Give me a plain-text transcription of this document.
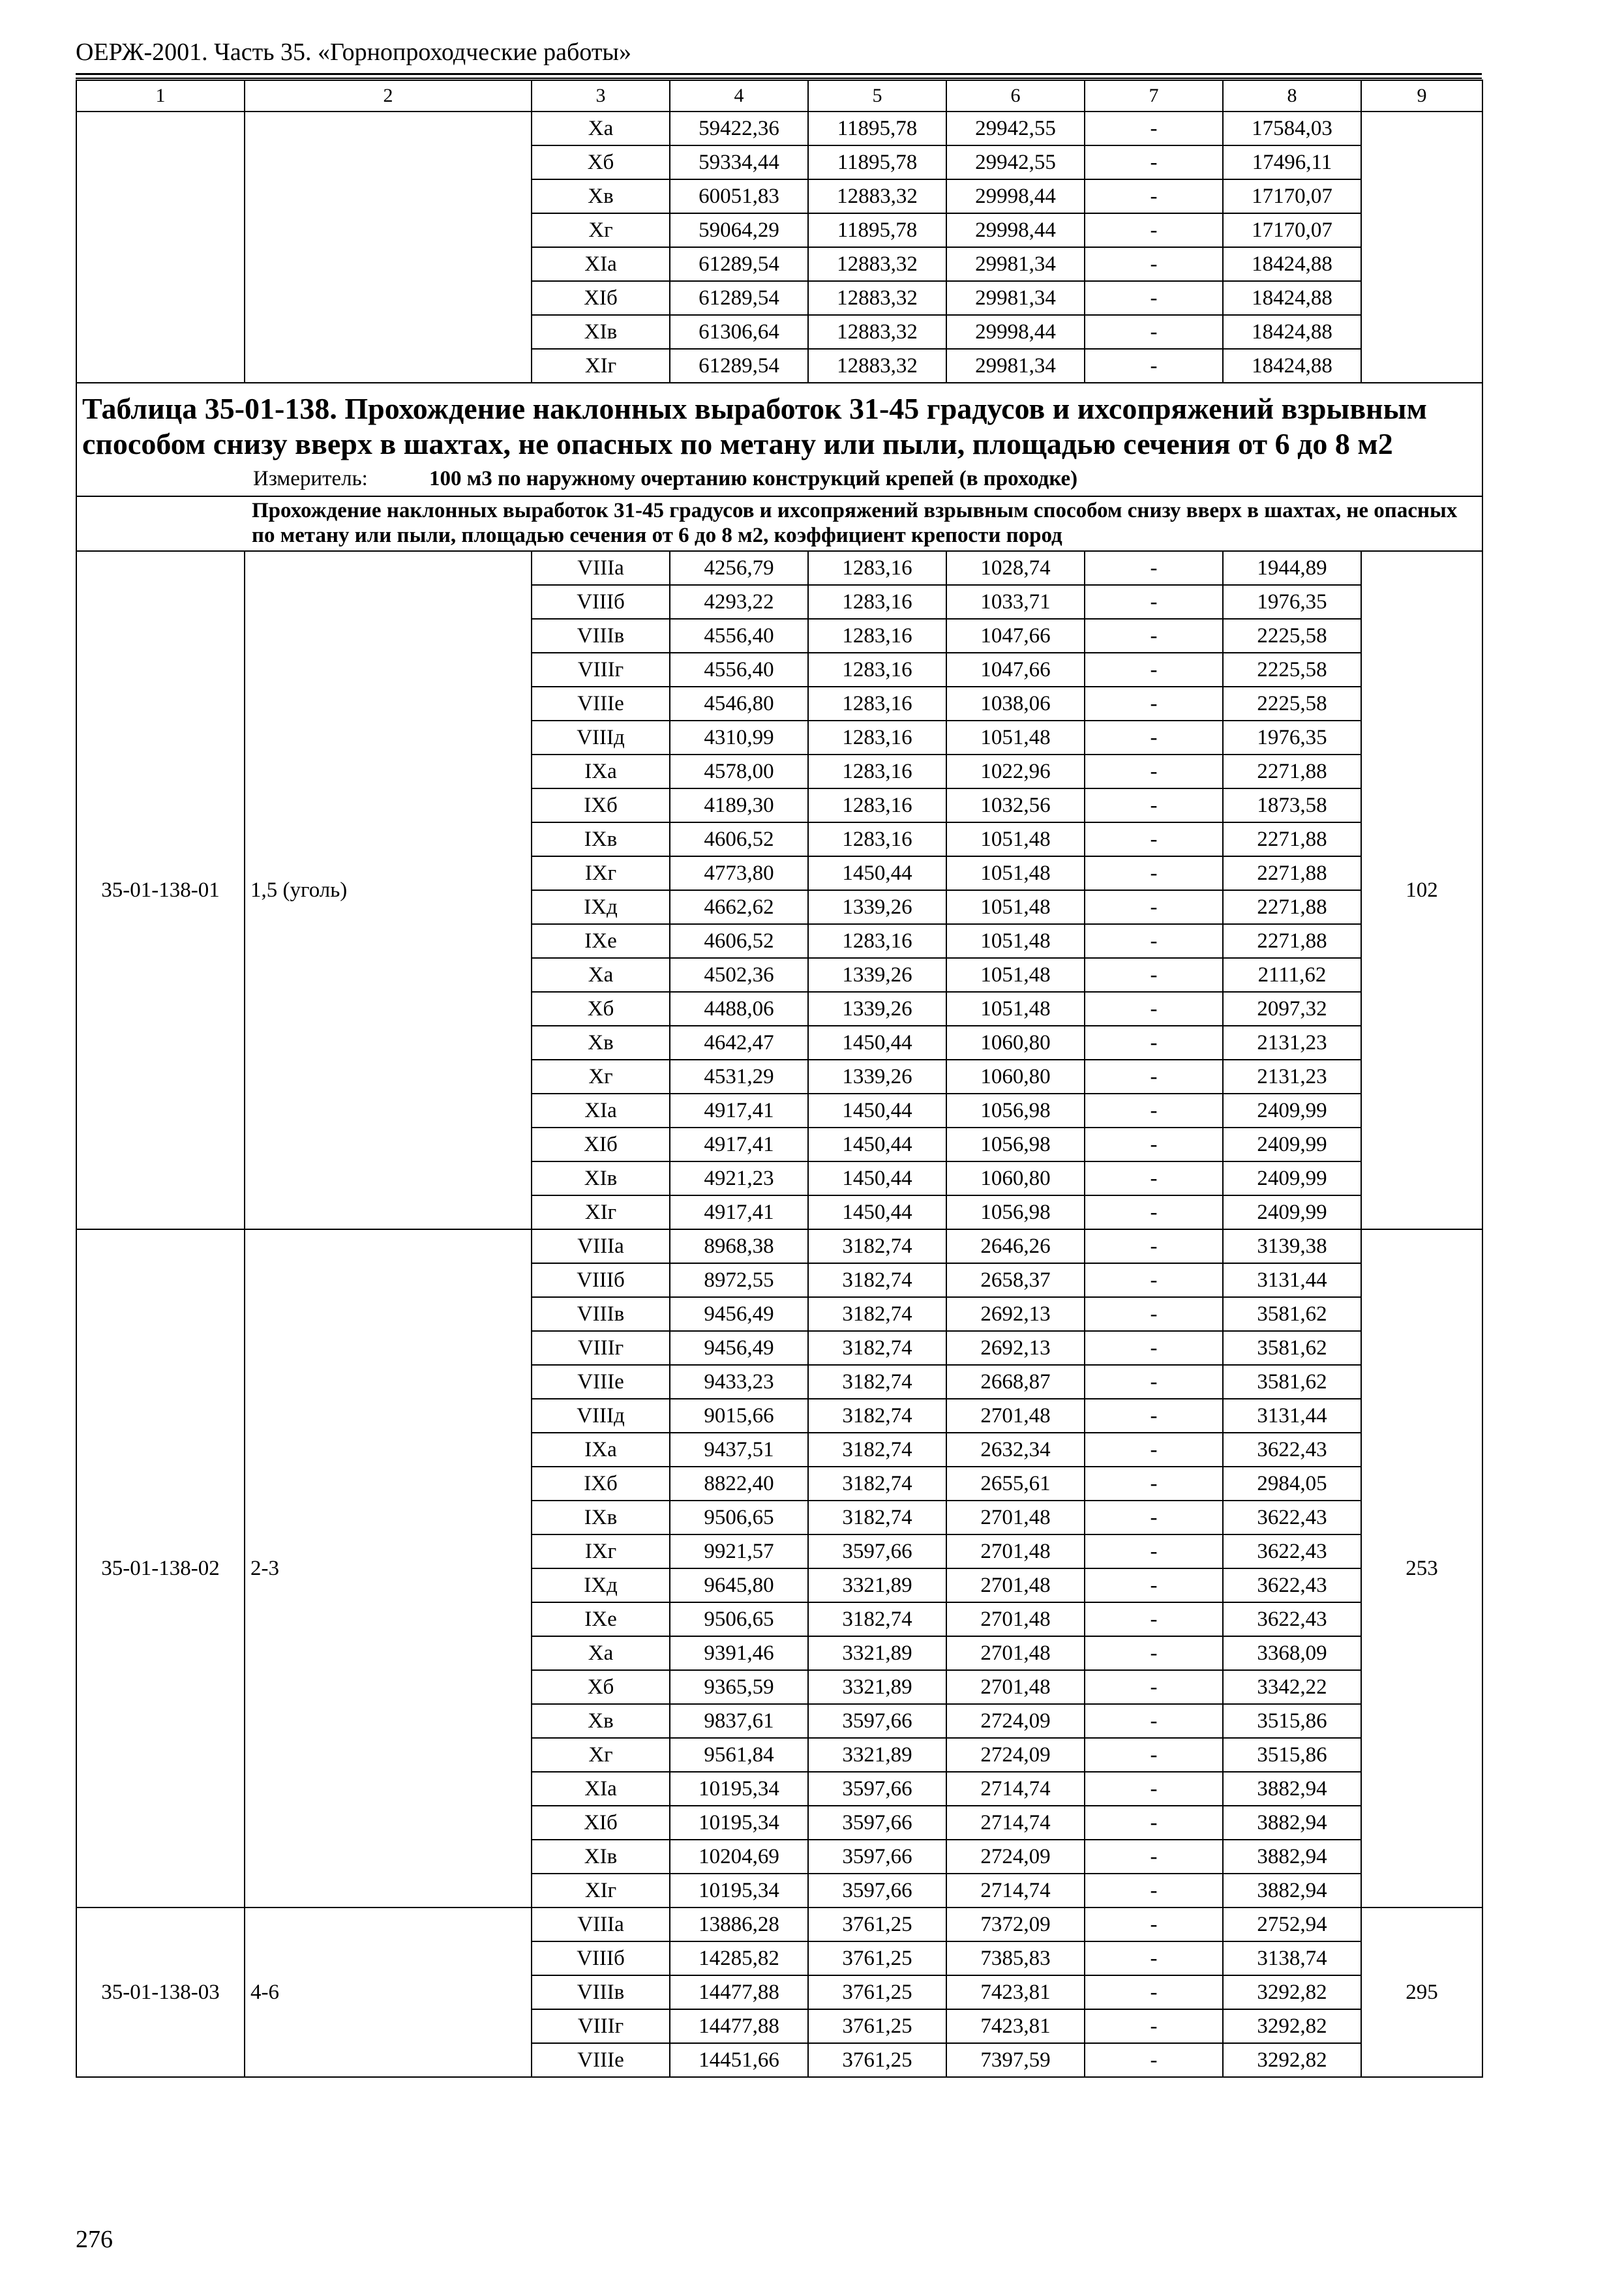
ОЕРЖ-2001. Часть 35. «Горнопроходческие работы»
1	2	3	4	5	6	7	8	9
		Xa	59422,36	11895,78	29942,55	-	17584,03	
		Xб	59334,44	11895,78	29942,55	-	17496,11	
		Xв	60051,83	12883,32	29998,44	-	17170,07	
		Xг	59064,29	11895,78	29998,44	-	17170,07	
		XIa	61289,54	12883,32	29981,34	-	18424,88	
		XIб	61289,54	12883,32	29981,34	-	18424,88	
		XIв	61306,64	12883,32	29998,44	-	18424,88	
		XIг	61289,54	12883,32	29981,34	-	18424,88	

Таблица 35-01-138. Прохождение наклонных выработок 31-45 градусов и ихсопряжений взрывным способом снизу вверх в шахтах, не опасных по метану или пыли, площадью сечения от 6 до 8 м2
Измеритель: 100 м3 по наружному очертанию конструкций крепей (в проходке)								

Прохождение наклонных выработок 31-45 градусов и ихсопряжений взрывным способом снизу вверх в шахтах, не опасных по метану или пыли, площадью сечения от 6 до 8 м2, коэффициент крепости пород								

35-01-138-01	1,5 (уголь)	VIIIa	4256,79	1283,16	1028,74	-	1944,89	102
		VIIIб	4293,22	1283,16	1033,71	-	1976,35	
		VIIIв	4556,40	1283,16	1047,66	-	2225,58	
		VIIIг	4556,40	1283,16	1047,66	-	2225,58	
		VIIIе	4546,80	1283,16	1038,06	-	2225,58	
		VIIIд	4310,99	1283,16	1051,48	-	1976,35	
		IXa	4578,00	1283,16	1022,96	-	2271,88	
		IXб	4189,30	1283,16	1032,56	-	1873,58	
		IXв	4606,52	1283,16	1051,48	-	2271,88	
		IXг	4773,80	1450,44	1051,48	-	2271,88	
		IXд	4662,62	1339,26	1051,48	-	2271,88	
		IXе	4606,52	1283,16	1051,48	-	2271,88	
		Xa	4502,36	1339,26	1051,48	-	2111,62	
		Xб	4488,06	1339,26	1051,48	-	2097,32	
		Xв	4642,47	1450,44	1060,80	-	2131,23	
		Xг	4531,29	1339,26	1060,80	-	2131,23	
		XIa	4917,41	1450,44	1056,98	-	2409,99	
		XIб	4917,41	1450,44	1056,98	-	2409,99	
		XIв	4921,23	1450,44	1060,80	-	2409,99	
		XIг	4917,41	1450,44	1056,98	-	2409,99	
35-01-138-02	2-3	VIIIa	8968,38	3182,74	2646,26	-	3139,38	253
		VIIIб	8972,55	3182,74	2658,37	-	3131,44	
		VIIIв	9456,49	3182,74	2692,13	-	3581,62	
		VIIIг	9456,49	3182,74	2692,13	-	3581,62	
		VIIIе	9433,23	3182,74	2668,87	-	3581,62	
		VIIIд	9015,66	3182,74	2701,48	-	3131,44	
		IXa	9437,51	3182,74	2632,34	-	3622,43	
		IXб	8822,40	3182,74	2655,61	-	2984,05	
		IXв	9506,65	3182,74	2701,48	-	3622,43	
		IXг	9921,57	3597,66	2701,48	-	3622,43	
		IXд	9645,80	3321,89	2701,48	-	3622,43	
		IXе	9506,65	3182,74	2701,48	-	3622,43	
		Xa	9391,46	3321,89	2701,48	-	3368,09	
		Xб	9365,59	3321,89	2701,48	-	3342,22	
		Xв	9837,61	3597,66	2724,09	-	3515,86	
		Xг	9561,84	3321,89	2724,09	-	3515,86	
		XIa	10195,34	3597,66	2714,74	-	3882,94	
		XIб	10195,34	3597,66	2714,74	-	3882,94	
		XIв	10204,69	3597,66	2724,09	-	3882,94	
		XIг	10195,34	3597,66	2714,74	-	3882,94	
35-01-138-03	4-6	VIIIa	13886,28	3761,25	7372,09	-	2752,94	295
		VIIIб	14285,82	3761,25	7385,83	-	3138,74	
		VIIIв	14477,88	3761,25	7423,81	-	3292,82	
		VIIIг	14477,88	3761,25	7423,81	-	3292,82	
		VIIIе	14451,66	3761,25	7397,59	-	3292,82	
276
